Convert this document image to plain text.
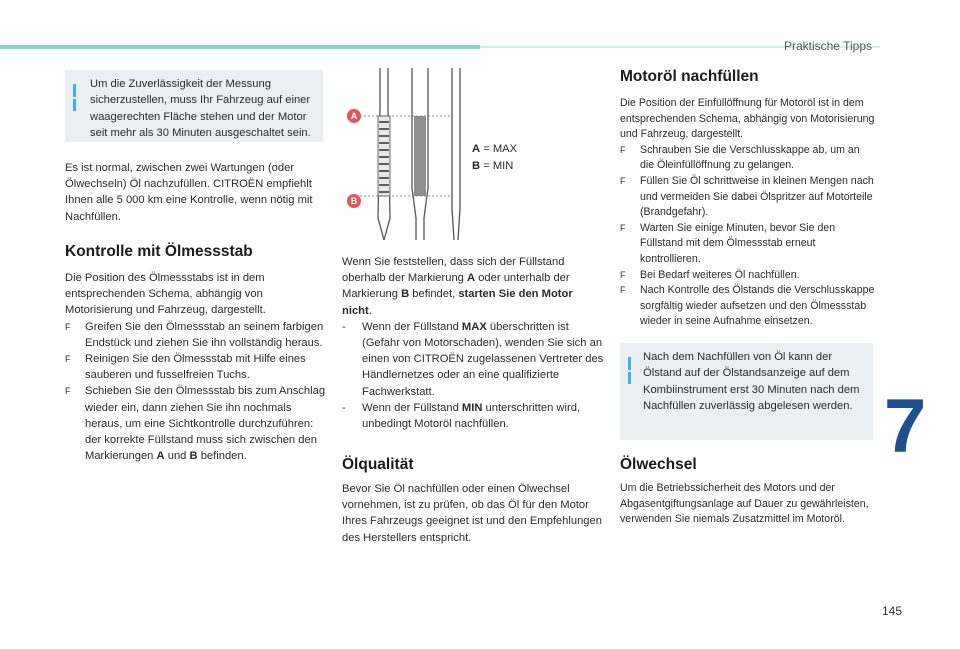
Praktische Tipps
7
145
Um die Zuverlässigkeit der Messung sicherzustellen, muss Ihr Fahrzeug auf einer waagerechten Fläche stehen und der Motor seit mehr als 30 Minuten ausgeschaltet sein.
Es ist normal, zwischen zwei Wartungen (oder Ölwechseln) Öl nachzufüllen. CITROËN empfiehlt Ihnen alle 5 000 km eine Kontrolle, wenn nötig mit Nachfüllen.
Kontrolle mit Ölmessstab
Die Position des Ölmessstabs ist in dem entsprechenden Schema, abhängig von Motorisierung und Fahrzeug, dargestellt.
F Greifen Sie den Ölmessstab an seinem farbigen Endstück und ziehen Sie ihn vollständig heraus.
F Reinigen Sie den Ölmessstab mit Hilfe eines sauberen und fusselfreien Tuchs.
F Schieben Sie den Ölmessstab bis zum Anschlag wieder ein, dann ziehen Sie ihn nochmals heraus, um eine Sichtkontrolle durchzuführen: der korrekte Füllstand muss sich zwischen den Markierungen A und B befinden.
A
B
A = MAX
B = MIN
Wenn Sie feststellen, dass sich der Füllstand oberhalb der Markierung A oder unterhalb der Markierung B befindet, starten Sie den Motor nicht.
- Wenn der Füllstand MAX überschritten ist (Gefahr von Motorschaden), wenden Sie sich an einen von CITROËN zugelassenen Vertreter des Händlernetzes oder an eine qualifizierte Fachwerkstatt.
- Wenn der Füllstand MIN unterschritten wird, unbedingt Motoröl nachfüllen.
Ölqualität
Bevor Sie Öl nachfüllen oder einen Ölwechsel vornehmen, ist zu prüfen, ob das Öl für den Motor Ihres Fahrzeugs geeignet ist und den Empfehlungen des Herstellers entspricht.
Motoröl nachfüllen
Die Position der Einfüllöffnung für Motoröl ist in dem entsprechenden Schema, abhängig von Motorisierung und Fahrzeug, dargestellt.
F Schrauben Sie die Verschlusskappe ab, um an die Öleinfüllöffnung zu gelangen.
F Füllen Sie Öl schrittweise in kleinen Mengen nach und vermeiden Sie dabei Ölspritzer auf Motorteile (Brandgefahr).
F Warten Sie einige Minuten, bevor Sie den Füllstand mit dem Ölmessstab erneut kontrollieren.
F Bei Bedarf weiteres Öl nachfüllen.
F Nach Kontrolle des Ölstands die Verschlusskappe sorgfältig wieder aufsetzen und den Ölmessstab wieder in seine Aufnahme einsetzen.
Nach dem Nachfüllen von Öl kann der Ölstand auf der Ölstandsanzeige auf dem Kombiinstrument erst 30 Minuten nach dem Nachfüllen zuverlässig abgelesen werden.
Ölwechsel
Um die Betriebssicherheit des Motors und der Abgasentgiftungsanlage auf Dauer zu gewährleisten, verwenden Sie niemals Zusatzmittel im Motoröl.
